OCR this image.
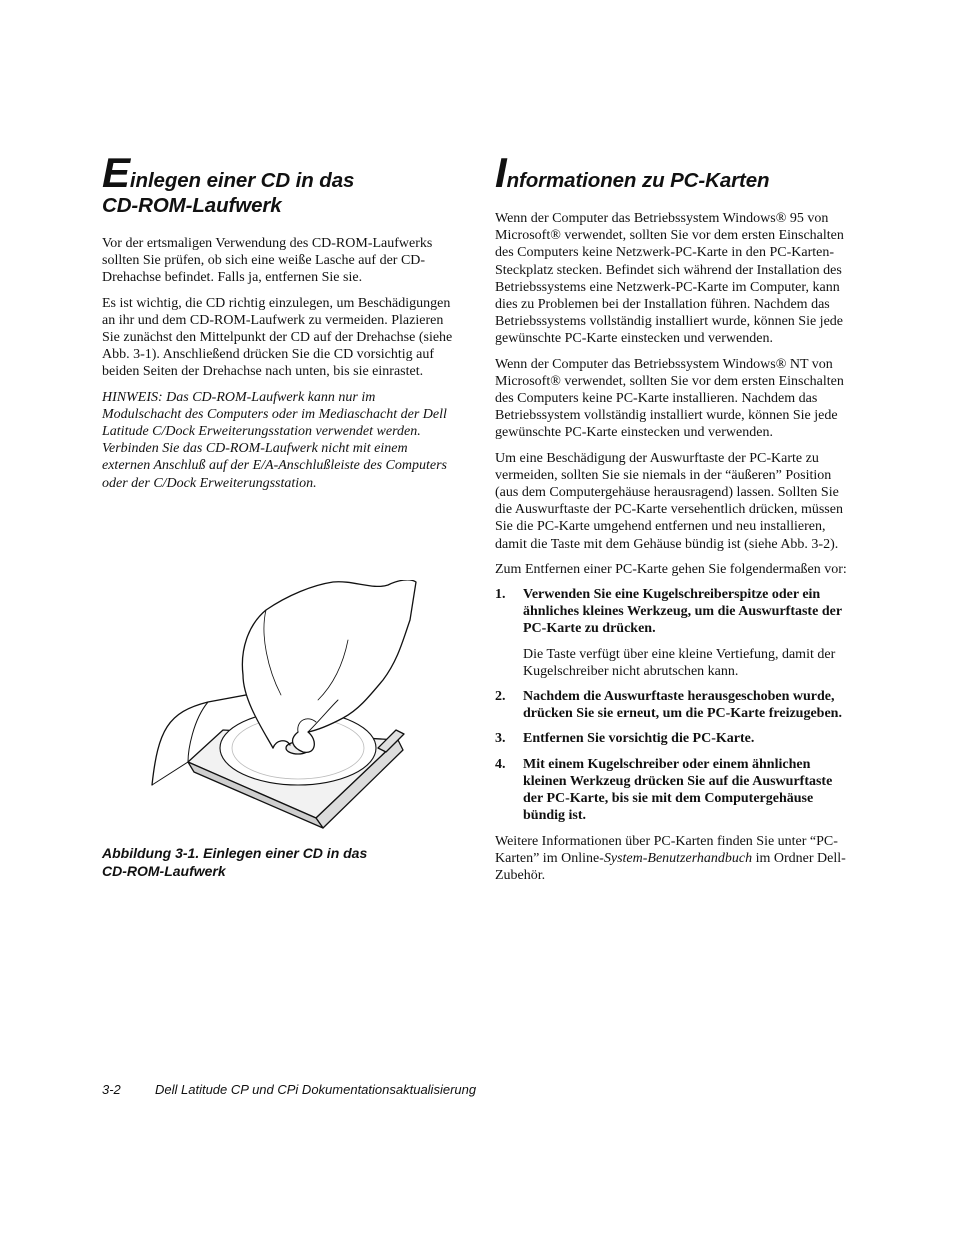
Einlegen einer CD in das
CD-ROM-Laufwerk

Vor der ertsmaligen Verwendung des CD-ROM-Laufwerks sollten Sie prüfen, ob sich eine weiße Lasche auf der CD-Drehachse befindet. Falls ja, entfernen Sie sie.

Es ist wichtig, die CD richtig einzulegen, um Beschädigungen an ihr und dem CD-ROM-Laufwerk zu vermeiden. Plazieren Sie zunächst den Mittelpunkt der CD auf der Drehachse (siehe Abb. 3-1). Anschließend drücken Sie die CD vorsichtig auf beiden Seiten der Drehachse nach unten, bis sie einrastet.

HINWEIS: Das CD-ROM-Laufwerk kann nur im Modulschacht des Computers oder im Mediaschacht der Dell Latitude C/Dock Erweiterungsstation verwendet werden. Verbinden Sie das CD-ROM-Laufwerk nicht mit einem externen Anschluß auf der E/A-Anschlußleiste des Computers oder der C/Dock Erweiterungsstation.

Abbildung 3-1. Einlegen einer CD in das
CD-ROM-Laufwerk

Informationen zu PC-Karten

Wenn der Computer das Betriebssystem Windows® 95 von Microsoft® verwendet, sollten Sie vor dem ersten Einschalten des Computers keine Netzwerk-PC-Karte in den PC-Karten-Steckplatz stecken. Befindet sich während der Installation des Betriebssystems eine Netzwerk-PC-Karte im Computer, kann dies zu Problemen bei der Installation führen. Nachdem das Betriebssystems vollständig installiert wurde, können Sie jede gewünschte PC-Karte einstecken und verwenden.

Wenn der Computer das Betriebssystem Windows® NT von Microsoft® verwendet, sollten Sie vor dem ersten Einschalten des Computers keine PC-Karte installieren. Nachdem das Betriebssystem vollständig installiert wurde, können Sie jede gewünschte PC-Karte einstecken und verwenden.

Um eine Beschädigung der Auswurftaste der PC-Karte zu vermeiden, sollten Sie sie niemals in der “äußeren” Position (aus dem Computergehäuse herausragend) lassen. Sollten Sie die Auswurftaste der PC-Karte versehentlich drücken, müssen Sie die PC-Karte umgehend entfernen und neu installieren, damit die Taste mit dem Gehäuse bündig ist (siehe Abb. 3-2).

Zum Entfernen einer PC-Karte gehen Sie folgendermaßen vor:

1. Verwenden Sie eine Kugelschreiberspitze oder ein ähnliches kleines Werkzeug, um die Auswurftaste der PC-Karte zu drücken.

Die Taste verfügt über eine kleine Vertiefung, damit der Kugelschreiber nicht abrutschen kann.

2. Nachdem die Auswurftaste herausgeschoben wurde, drücken Sie sie erneut, um die PC-Karte freizugeben.

3. Entfernen Sie vorsichtig die PC-Karte.

4. Mit einem Kugelschreiber oder einem ähnlichen kleinen Werkzeug drücken Sie auf die Auswurftaste der PC-Karte, bis sie mit dem Computergehäuse bündig ist.

Weitere Informationen über PC-Karten finden Sie unter “PC-Karten” im Online-System-Benutzerhandbuch im Ordner Dell-Zubehör.

3-2	Dell Latitude CP und CPi Dokumentationsaktualisierung
